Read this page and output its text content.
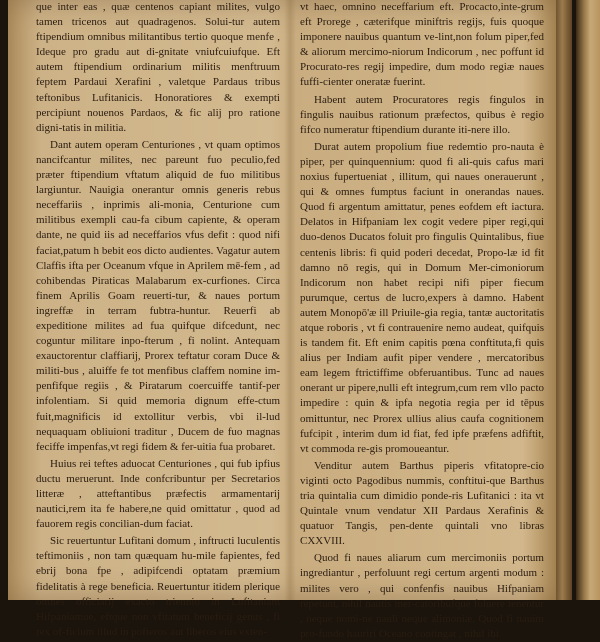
que inter eas , quæ centenos capiant milites, vulgo tamen tricenos aut quadragenos. Solui-tur autem ftipendium omnibus militantibus tertio quoque menfe , Ideque pro gradu aut di-gnitate vniufcuiufque. Eft autem ftipendium ordinarium militis menftruum feptem Pardaui Xerafini , valetque Pardaus tribus teftonibus Lufitanicis. Honoratiores & exempti percipiunt nouenos Pardaos, & fic alij pro ratione digni-tatis in militia.

Dant autem operam Centuriones , vt quam optimos nancifcantur milites, nec pareunt fuo peculio,fed præter ftipendium vftatum aliquid de fuo militibus largiuntur. Nauigia onerantur omnis generis rebus neceffariis , inprimis ali-monia, Centurione cum militibus exempli cau-fa cibum capiente, & operam dante, ne quid iis ad neceffarios vfus defit : quod nifi faciat,patum h bebit eos dicto audientes. Vagatur autem Claffis ifta per Oceanum vfque in Aprilem mē-fem , ad cohibendas Piraticas Malabarum ex-curfiones. Circa finem Aprilis Goam reuerti-tur, & naues portum ingreffæ in terram fubtra-huntur. Reuerfi ab expeditione milites ad fua quifque difcedunt, nec coguntur militare inpo-fterum , fi nolint. Antequam exauctorentur claffiarij, Prorex teftatur coram Duce & militi-bus , aluiffe fe tot menfibus claffem nomine im-penfifque regiis , & Piratarum coercuiffe tantif-per infolentiam. Si quid memoria dignum effe-ctum fuit,magnificis id extollitur verbis, vbi il-lud nequaquam obliuioni traditur , Ducem de fuo magnas feciffe impenfas,vt regi fidem & fer-uitia fua probaret.

Huius rei teftes aduocat Centuriones , qui fub ipfius ductu meruerunt. Inde confcribuntur per Secretarios litteræ , atteftantibus præfectis armamentarij nautici,rem ita fe habere,ne quid omittatur , quod ad fauorem regis concilian-dum faciat.

Sic reuertuntur Lufitani domum , inftructi luculentis teftimoniis , non tam quæquam hu-mile fapientes, fed ebrij bona fpe , adipifcendi optatam præmium fidelitatis à rege beneficia. Reuertuntur itidem plerique omnes officiarij exacto triennio in Lufitaniam Hifpaniamue, eftque non vfitatum beneficij genus , fi rex of-ficium illud in pofteros aut liberos eius exten-

vt haec, omnino neceffarium eft. Procacto,inte-grum eft Prorege , cæterifque miniftris regijs, fuis quoque imponere nauibus quantum ve-lint,non folum piper,fed & aliorum mercimo-niorum Indicorum , nec poffunt id Procurato-res regij impedire, dum modo regiæ naues fuffi-cienter oneratæ fuerint.

Habent autem Procuratores regis fingulos in fingulis nauibus rationum præfectos, quibus è regio fifco numeratur ftipendium durante iti-nere illo.

Durat autem propolium fiue redemtio pro-nauta è piper, per quinquennium: quod fi ali-quis cafus mari noxius fupertueniat , illitum, qui naues onerauerunt , qui & omnes fumptus faciunt in onerandas naues. Quod fi argentum amittatur, penes eofdem eft iactura. Delatos in Hifpaniam lex cogit vedere piper regi,qui duo-denos Ducatos foluit pro fingulis Quintalibus, fiue centenis libris: fi quid poderi decedat, Propo-læ id fit damno nō regis, qui in Domum Mer-cimoniorum Indicorum non habet recipi nifi piper fiecum purumque, certus de lucro,expers à damno. Habent autem Monopō'æ ill Priuile-gia regia, tantæ auctoritatis atque roboris , vt fi contrauenire nemo audeat, quifquis is tandem fit. Eft enim capitis pœna conftituta,fi quis alius per Indiam aufit piper vendere , mercatoribus eam legem ftrictiffime obferuantibus. Tunc ad naues onerant ur pipere,nulli eft integrum,cum rem vllo pacto impedire : quin & ipfa negotia regia per id tēpus omittuntur, nec Prorex ullius alius caufa cognitionem fufcipit , interim dum id fiat, fed ipfe præfens adfiftit, vt commoda re-gis promoueantur.

Venditur autem Barthus piperis vfitatopre-cio viginti octo Pagodibus nummis, conftitui-que Barthus tria quintalia cum dimidio ponde-ris Lufitanici : ita vt Quintale vnum vendatur XII Pardaus Xerafinis & quatuor Tangis, pen-dente quintali vno libras CXXVIII.

Quod fi naues aliarum cum mercimoniis portum ingrediantur , perfoluunt regi certum argenti modum : milites vero , qui confenfis nauibus Hifpaniam repetunt, nihil nautis mer-catoribufque foluere tenentur , neque nomi-ne nauli neque alimoniæ. Quod fi nauim pro-fundo hauriri Oceano contingat , nihil ibi
